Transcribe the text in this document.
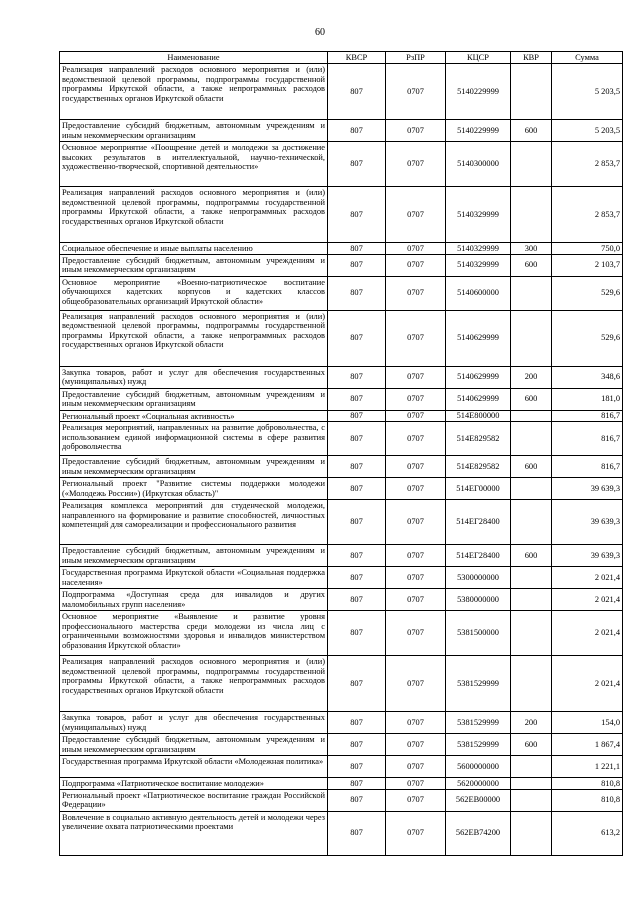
60
Наименование	КВСР	РзПР	КЦСР	КВР	Сумма
Реализация направлений расходов основного мероприятия и (или) ведомственной целевой программы, подпрограммы государственной программы Иркутской области, а также непрограммных расходов государственных органов Иркутской области	807	0707	5140229999		5 203,5
Предоставление субсидий бюджетным, автономным учреждениям и иным некоммерческим организациям	807	0707	5140229999	600	5 203,5
Основное мероприятие «Поощрение детей и молодежи за достижение высоких результатов в интеллектуальной, научно-технической, художественно-творческой, спортивной деятельности»	807	0707	5140300000		2 853,7
Реализация направлений расходов основного мероприятия и (или) ведомственной целевой программы, подпрограммы государственной программы Иркутской области, а также непрограммных расходов государственных органов Иркутской области	807	0707	5140329999		2 853,7
Социальное обеспечение и иные выплаты населению	807	0707	5140329999	300	750,0
Предоставление субсидий бюджетным, автономным учреждениям и иным некоммерческим организациям	807	0707	5140329999	600	2 103,7
Основное мероприятие «Военно-патриотическое воспитание обучающихся кадетских корпусов и кадетских классов общеобразовательных организаций Иркутской области»	807	0707	5140600000		529,6
Реализация направлений расходов основного мероприятия и (или) ведомственной целевой программы, подпрограммы государственной программы Иркутской области, а также непрограммных расходов государственных органов Иркутской области	807	0707	5140629999		529,6
Закупка товаров, работ и услуг для обеспечения государственных (муниципальных) нужд	807	0707	5140629999	200	348,6
Предоставление субсидий бюджетным, автономным учреждениям и иным некоммерческим организациям	807	0707	5140629999	600	181,0
Региональный проект «Социальная активность»	807	0707	514E800000		816,7
Реализация мероприятий, направленных на развитие добровольчества, с использованием единой информационной системы в сфере развития добровольчества	807	0707	514E829582		816,7
Предоставление субсидий бюджетным, автономным учреждениям и иным некоммерческим организациям	807	0707	514E829582	600	816,7
Региональный проект "Развитие системы поддержки молодежи («Молодежь России») (Иркутская область)"	807	0707	514ЕГ00000		39 639,3
Реализация комплекса мероприятий для студенческой молодежи, направленного на формирование и развитие способностей, личностных компетенций для самореализации и профессионального развития	807	0707	514ЕГ28400		39 639,3
Предоставление субсидий бюджетным, автономным учреждениям и иным некоммерческим организациям	807	0707	514ЕГ28400	600	39 639,3
Государственная программа Иркутской области «Социальная поддержка населения»	807	0707	5300000000		2 021,4
Подпрограмма «Доступная среда для инвалидов и других маломобильных групп населения»	807	0707	5380000000		2 021,4
Основное мероприятие «Выявление и развитие уровня профессионального мастерства среди молодежи из числа лиц с ограниченными возможностями здоровья и инвалидов министерством образования Иркутской области»	807	0707	5381500000		2 021,4
Реализация направлений расходов основного мероприятия и (или) ведомственной целевой программы, подпрограммы государственной программы Иркутской области, а также непрограммных расходов государственных органов Иркутской области	807	0707	5381529999		2 021,4
Закупка товаров, работ и услуг для обеспечения государственных (муниципальных) нужд	807	0707	5381529999	200	154,0
Предоставление субсидий бюджетным, автономным учреждениям и иным некоммерческим организациям	807	0707	5381529999	600	1 867,4
Государственная программа Иркутской области «Молодежная политика»	807	0707	5600000000		1 221,1
Подпрограмма «Патриотическое воспитание молодежи»	807	0707	5620000000		810,8
Региональный проект «Патриотическое воспитание граждан Российской Федерации»	807	0707	562EB00000		810,8
Вовлечение в социально активную деятельность детей и молодежи через увеличение охвата патриотическими проектами	807	0707	562EB74200		613,2
